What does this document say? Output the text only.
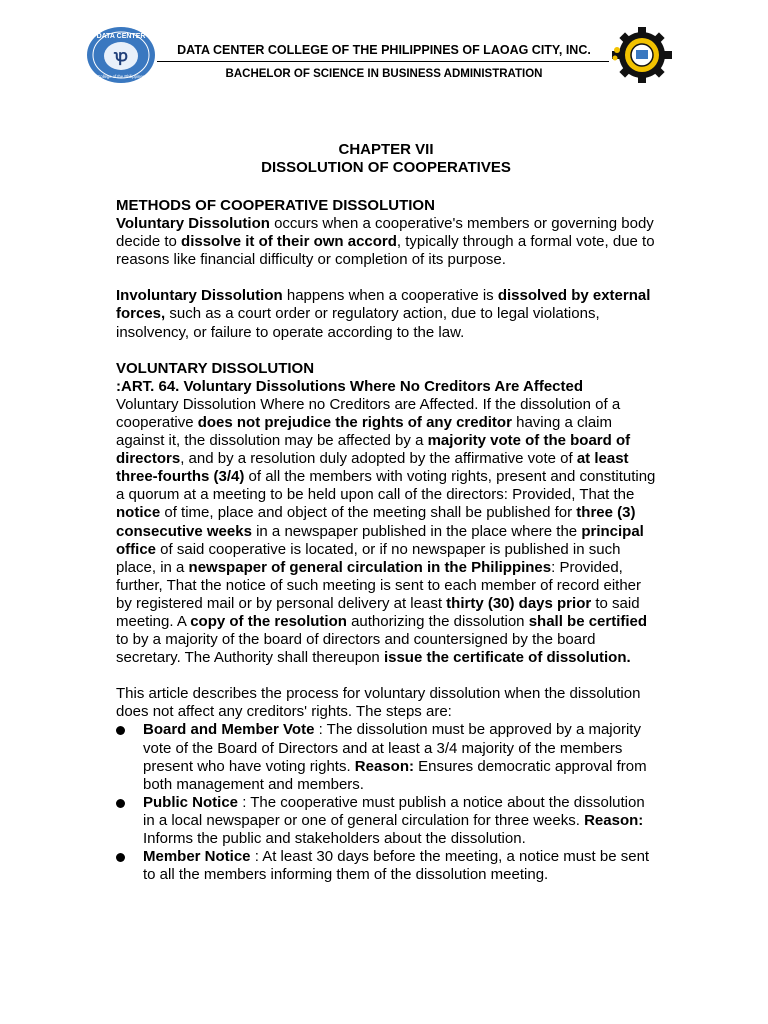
ꝕ
DATA CENTER
College of the Philippines
DATA CENTER COLLEGE OF THE PHILIPPINES OF LAOAG CITY, INC.
BACHELOR OF SCIENCE IN BUSINESS ADMINISTRATION
CHAPTER VII
DISSOLUTION OF COOPERATIVES
METHODS OF COOPERATIVE DISSOLUTION

Voluntary Dissolution occurs when a cooperative's members or governing body decide to dissolve it of their own accord, typically through a formal vote, due to reasons like financial difficulty or completion of its purpose.

Involuntary Dissolution happens when a cooperative is dissolved by external forces, such as a court order or regulatory action, due to legal violations, insolvency, or failure to operate according to the law.

VOLUNTARY DISSOLUTION
:ART. 64. Voluntary Dissolutions Where No Creditors Are Affected

Voluntary Dissolution Where no Creditors are Affected. If the dissolution of a cooperative does not prejudice the rights of any creditor having a claim against it, the dissolution may be affected by a majority vote of the board of directors, and by a resolution duly adopted by the affirmative vote of at least three-fourths (3/4) of all the members with voting rights, present and constituting a quorum at a meeting to be held upon call of the directors: Provided, That the notice of time, place and object of the meeting shall be published for three (3) consecutive weeks in a newspaper published in the place where the principal office of said cooperative is located, or if no newspaper is published in such place, in a newspaper of general circulation in the Philippines: Provided, further, That the notice of such meeting is sent to each member of record either by registered mail or by personal delivery at least thirty (30) days prior to said meeting. A copy of the resolution authorizing the dissolution shall be certified to by a majority of the board of directors and countersigned by the board secretary. The Authority shall thereupon issue the certificate of dissolution.

This article describes the process for voluntary dissolution when the dissolution does not affect any creditors' rights. The steps are:

Board and Member Vote : The dissolution must be approved by a majority vote of the Board of Directors and at least a 3/4 majority of the members present who have voting rights. Reason: Ensures democratic approval from both management and members.
Public Notice : The cooperative must publish a notice about the dissolution in a local newspaper or one of general circulation for three weeks. Reason: Informs the public and stakeholders about the dissolution.
Member Notice : At least 30 days before the meeting, a notice must be sent to all the members informing them of the dissolution meeting.
